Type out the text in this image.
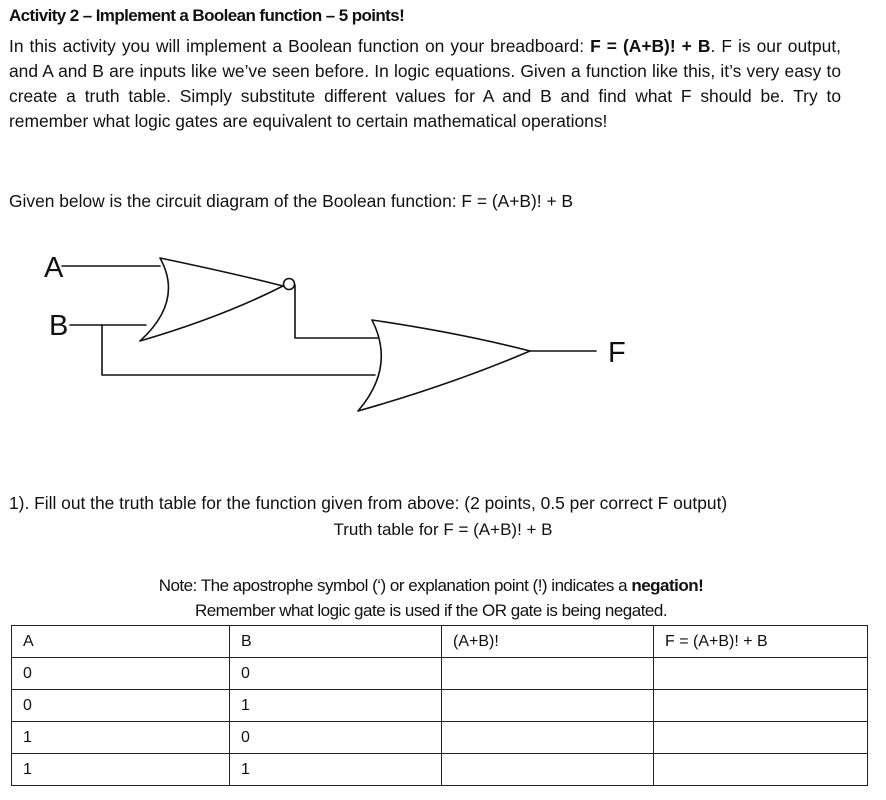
Activity 2 – Implement a Boolean function – 5 points!

In this activity you will implement a Boolean function on your breadboard: F = (A+B)! + B. F is our output, and A and B are inputs like we’ve seen before. In logic equations. Given a function like this, it’s very easy to create a truth table. Simply substitute different values for A and B and find what F should be. Try to remember what logic gates are equivalent to certain mathematical operations!

Given below is the circuit diagram of the Boolean function: F = (A+B)! + B
A
B
F
1). Fill out the truth table for the function given from above: (2 points, 0.5 per correct F output)
Truth table for F = (A+B)! + B
Note: The apostrophe symbol (‘) or explanation point (!) indicates a negation!
Remember what logic gate is used if the OR gate is being negated.
A	B	(A+B)!	F = (A+B)! + B
0	0		
0	1		
1	0		
1	1		
